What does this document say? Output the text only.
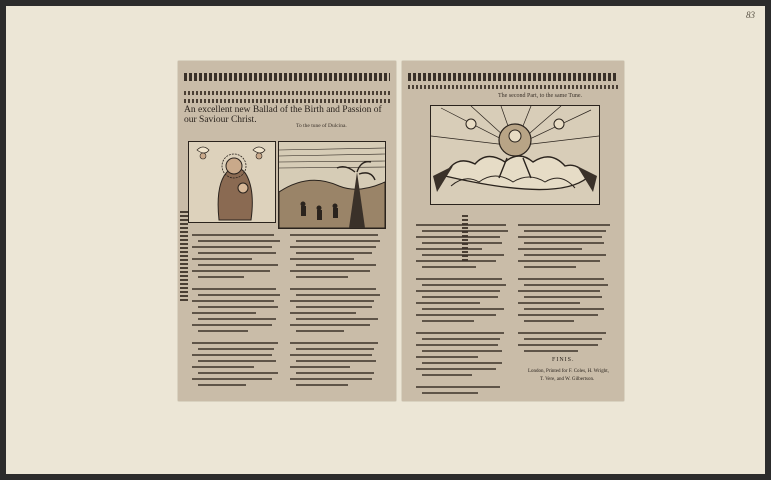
83
An excellent new Ballad of the Birth and Passion of our Saviour Christ.
To the tune of Dulcina.
The second Part, to the same Tune.
FINIS.
London, Printed for F. Coles, H. Wright,
T. Vere, and W. Gilbertson.
